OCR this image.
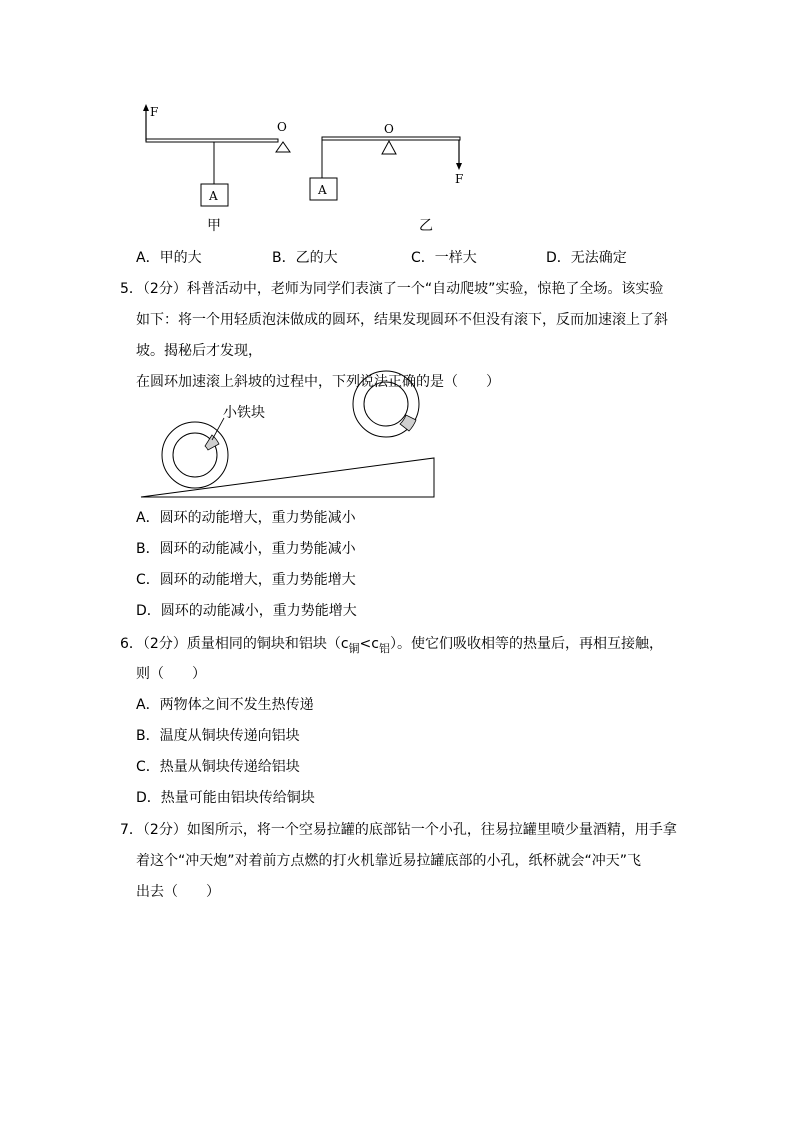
F
O
A
O
A
F
甲	乙
A．甲的大	B．乙的大	C．一样大	D．无法确定
5．（2分）科普活动中，老师为同学们表演了一个“自动爬坡”实验，惊艳了全场。该实验
如下：将一个用轻质泡沫做成的圆环，结果发现圆环不但没有滚下，反而加速滚上了斜
坡。揭秘后才发现，
在圆环加速滚上斜坡的过程中，下列说法正确的是（　　）
小铁块
A．圆环的动能增大，重力势能减小
B．圆环的动能减小，重力势能减小
C．圆环的动能增大，重力势能增大
D．圆环的动能减小，重力势能增大
6．（2分）质量相同的铜块和铝块$(c_铜<c_铝)$。使它们吸收相等的热量后，再相互接触，
则（　　）
A．两物体之间不发生热传递
B．温度从铜块传递向铝块
C．热量从铜块传递给铝块
D．热量可能由铝块传给铜块
7．（2分）如图所示，将一个空易拉罐的底部钻一个小孔，往易拉罐里喷少量酒精，用手拿
着这个“冲天炮”对着前方点燃的打火机靠近易拉罐底部的小孔，纸杯就会“冲天”飞
出去（　　）
